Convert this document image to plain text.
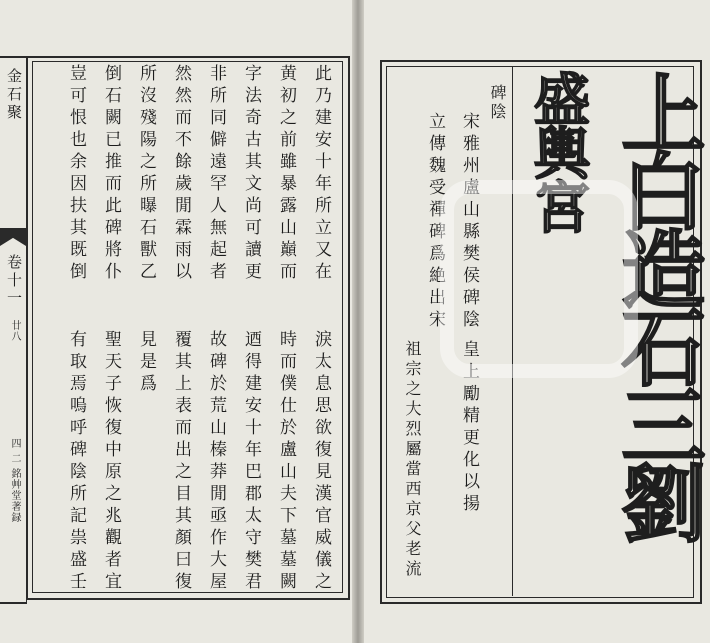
金石聚
卷十一
廿八
四 二 銘艸堂著録
此乃建安十年所立又在
黄初之前雖暴露山巔而
字法奇古其文尚可讀更
非所同僻遠罕人無起者
然然而不餘歲閒霖雨以
所沒殘陽之所曝石獸乙
倒石闕已推而此碑將仆
豈可恨也余因扶其既倒
淚太息思欲復見漢官威儀之
時而僕仕於盧山夫下墓墓闕
迺得建安十年巴郡太守樊君
故碑於荒山榛莽閒亟作大屋
覆其上表而出之目其顏曰復
見是爲
聖天子恢復中原之兆觀者宜
有取焉嗚呼碑陰所記祟盛壬	上白造石三劉
盛輿宮
碑陰
宋雅州盧山縣樊侯碑陰
立傳魏受禪碑爲絶出宋
皇上勵精更化以揚
祖宗之大烈屬當西京父老流
